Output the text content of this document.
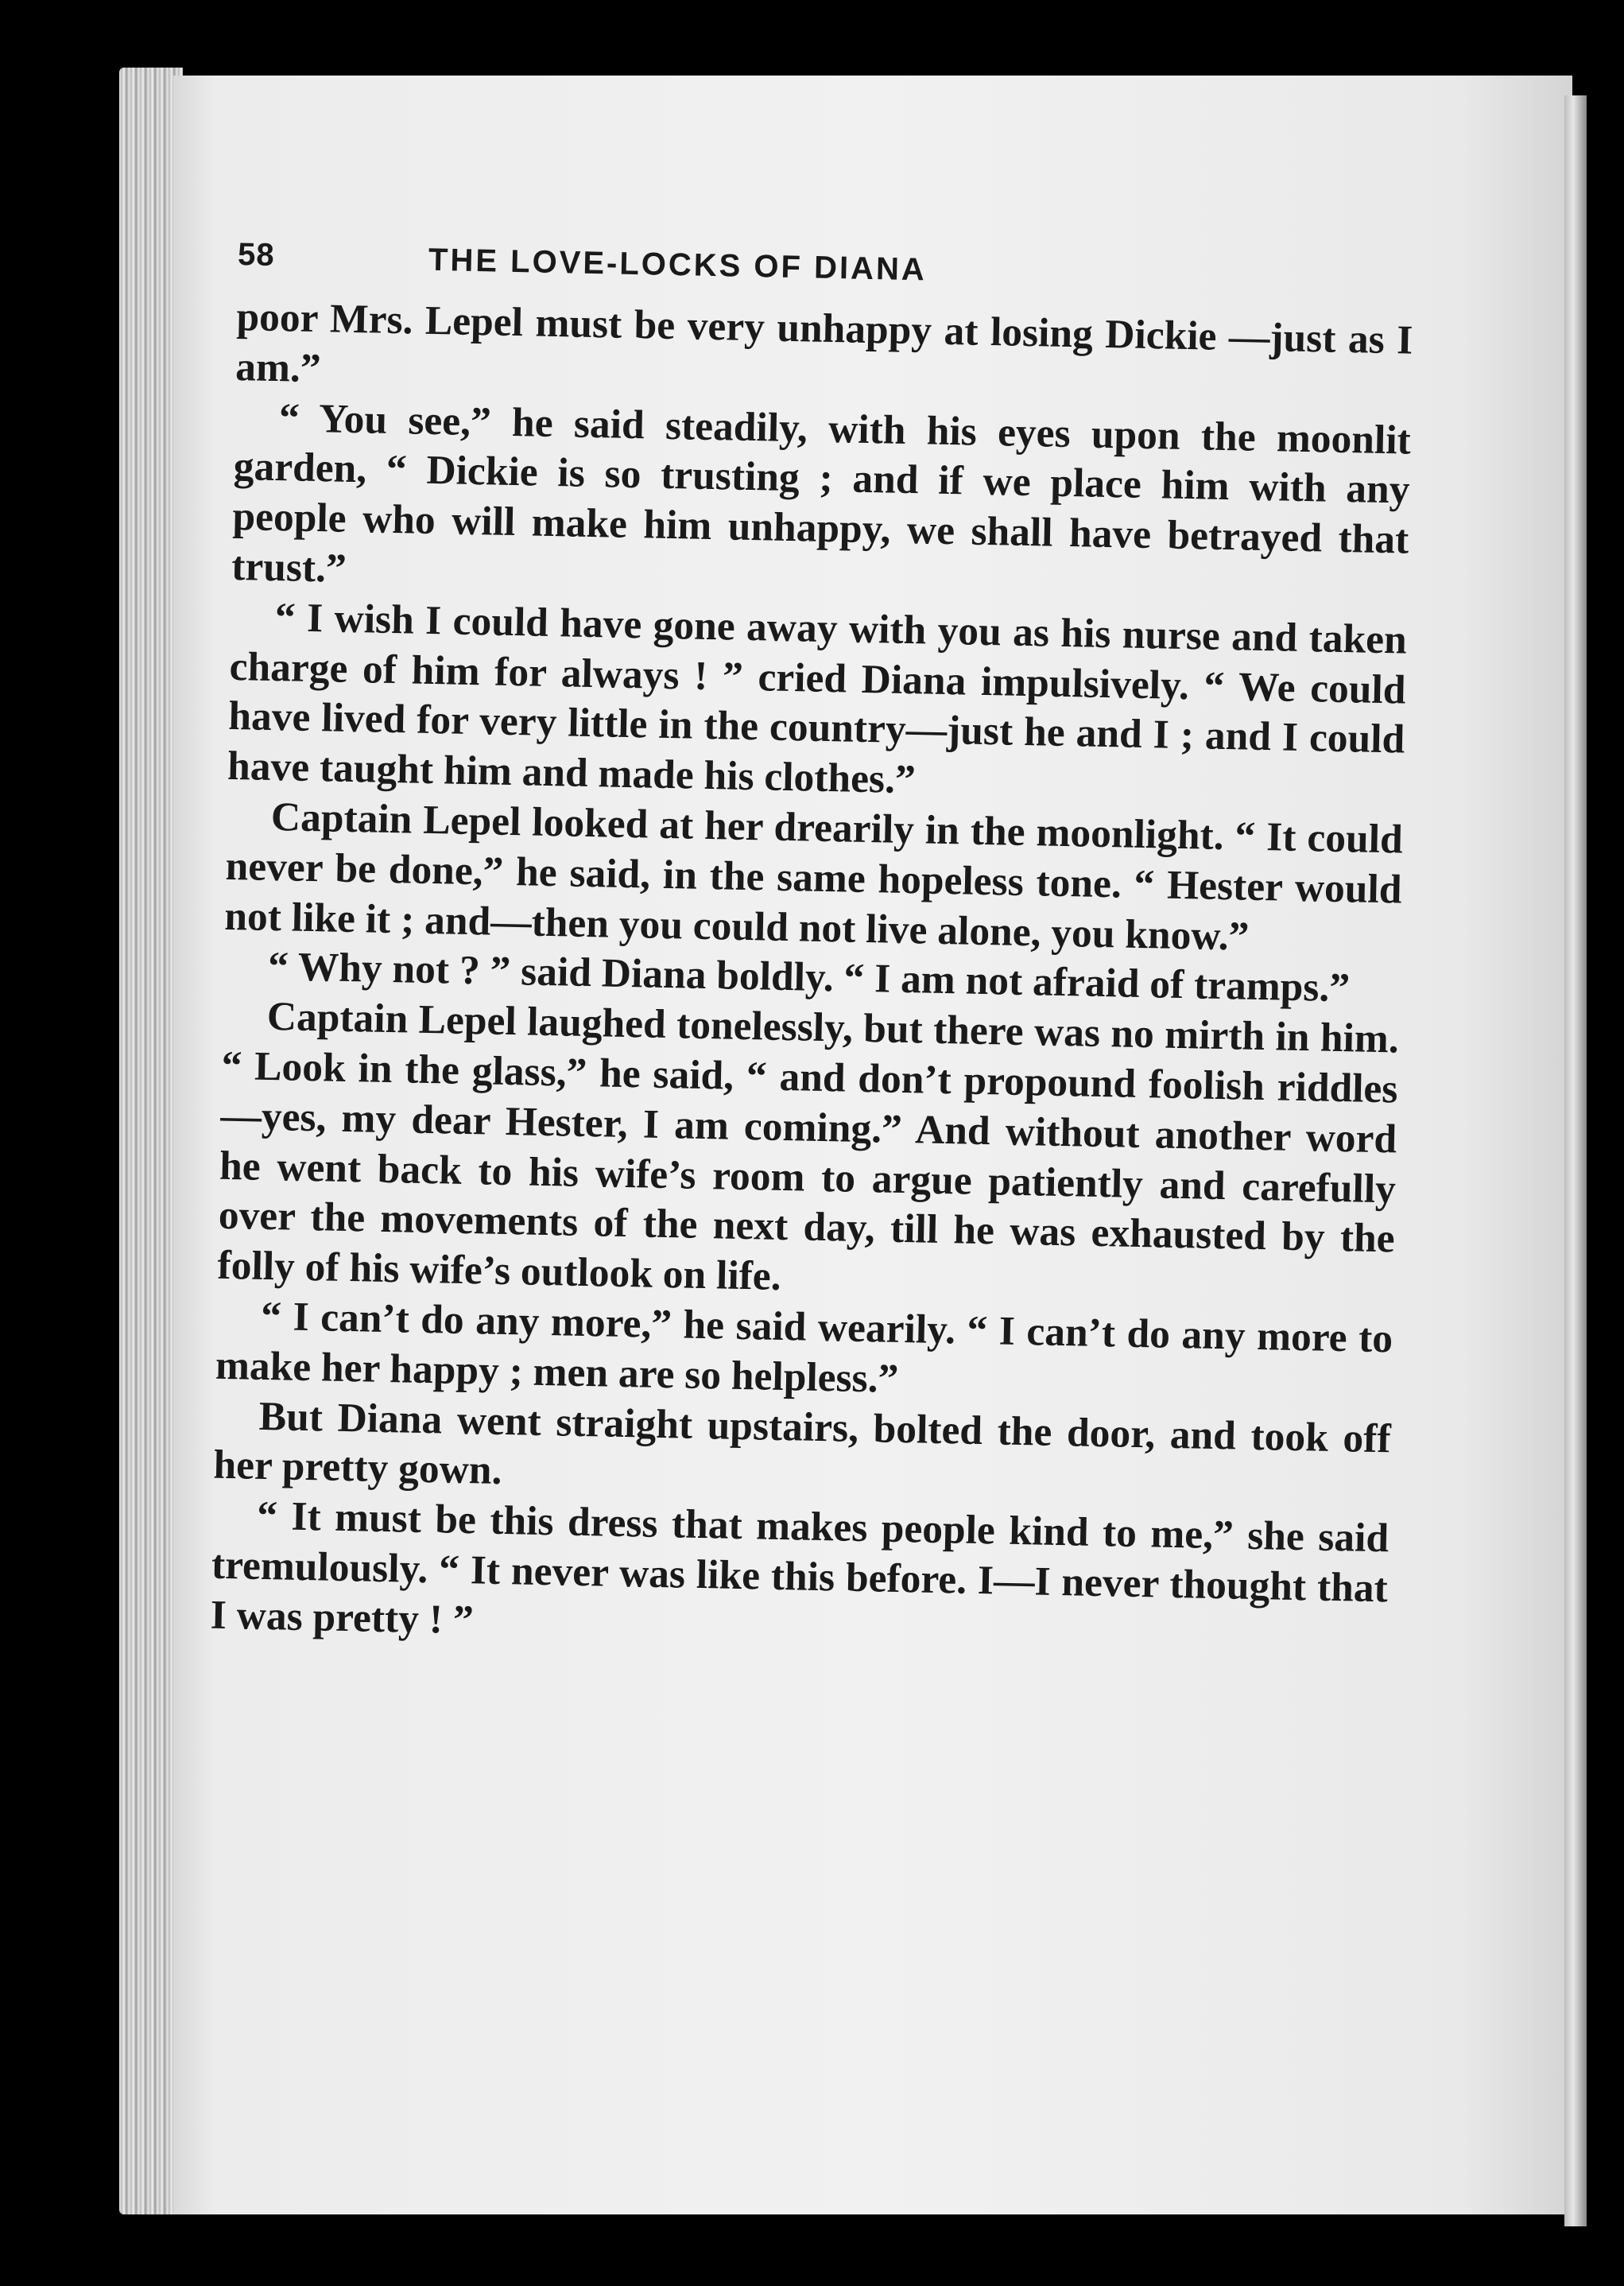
58	THE LOVE-LOCKS OF DIANA

poor Mrs. Lepel must be very unhappy at losing Dickie —just as I am.”

“ You see,” he said steadily, with his eyes upon the moonlit garden, “ Dickie is so trusting ; and if we place him with any people who will make him unhappy, we shall have betrayed that trust.”

“ I wish I could have gone away with you as his nurse and taken charge of him for always ! ” cried Diana impulsively. “ We could have lived for very little in the country—just he and I ; and I could have taught him and made his clothes.”

Captain Lepel looked at her drearily in the moonlight. “ It could never be done,” he said, in the same hopeless tone. “ Hester would not like it ; and—then you could not live alone, you know.”

“ Why not ? ” said Diana boldly. “ I am not afraid of tramps.”

Captain Lepel laughed tonelessly, but there was no mirth in him. “ Look in the glass,” he said, “ and don’t propound foolish riddles—yes, my dear Hester, I am coming.” And without another word he went back to his wife’s room to argue patiently and carefully over the movements of the next day, till he was exhausted by the folly of his wife’s outlook on life.

“ I can’t do any more,” he said wearily. “ I can’t do any more to make her happy ; men are so helpless.”

But Diana went straight upstairs, bolted the door, and took off her pretty gown.

“ It must be this dress that makes people kind to me,” she said tremulously. “ It never was like this before. I—I never thought that I was pretty ! ”
